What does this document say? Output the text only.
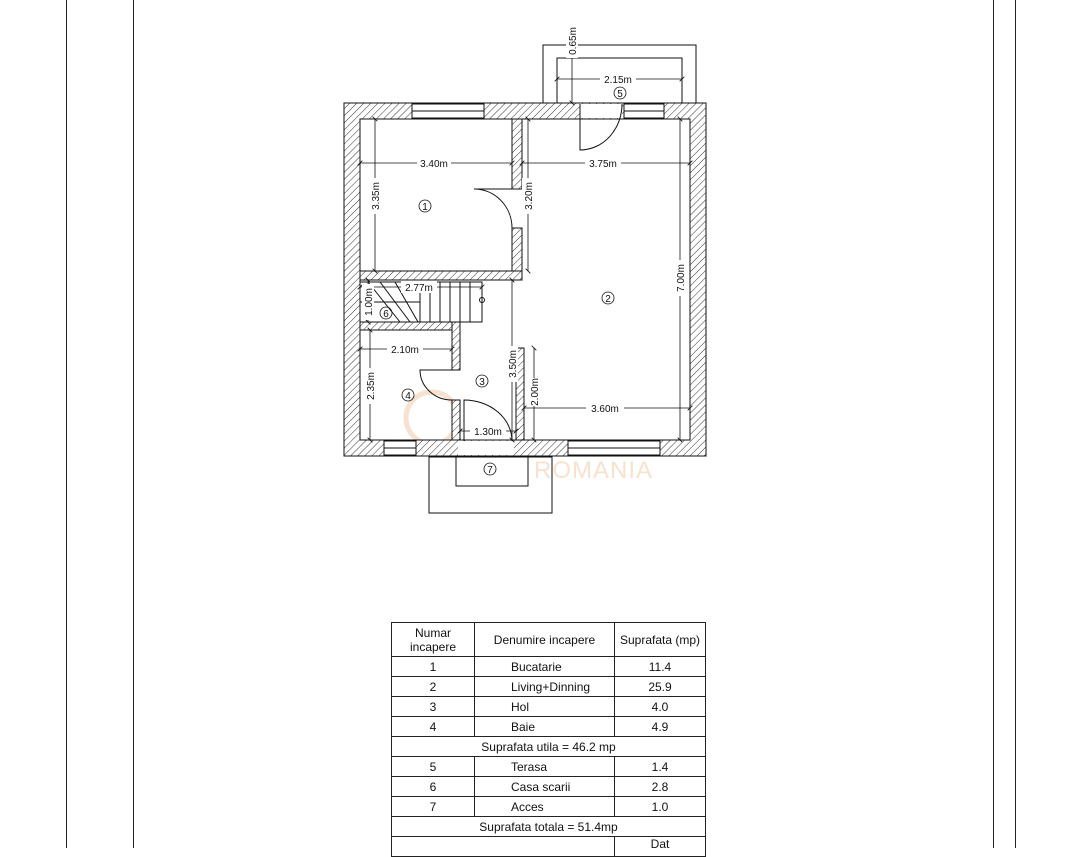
ROMANIA
3.40m	3.75m
3.35m	3.20m
7.00m
2.77m
1.00m
2.10m
2.35m
3.50m
2.00m
3.60m
1.30m
2.15m
0.65m
1
2
3
4
5
6
7
Numar incapere	Denumire incapere	Suprafata (mp)
1	Bucatarie	11.4
2	Living+Dinning	25.9
3	Hol	4.0
4	Baie	4.9
Suprafata utila = 46.2 mp		
5	Terasa	1.4
6	Casa scarii	2.8
7	Acces	1.0
Suprafata totala = 51.4mp		
		Dat
